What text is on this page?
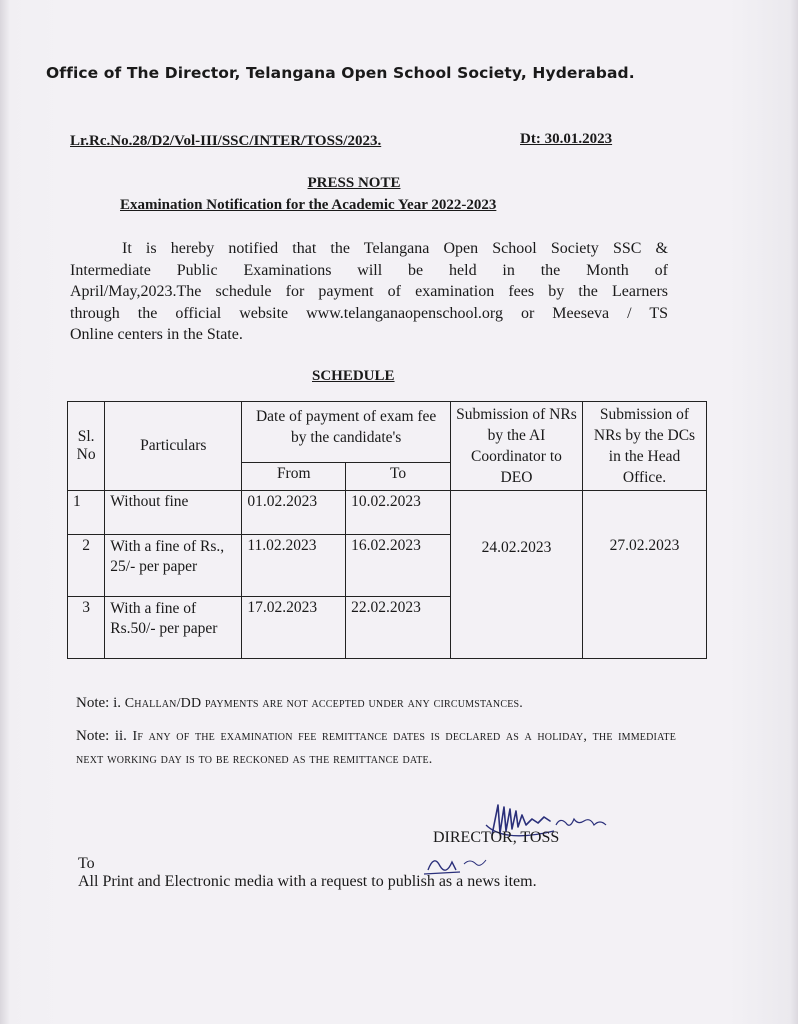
Office of The Director, Telangana Open School Society, Hyderabad.
Lr.Rc.No.28/D2/Vol-III/SSC/INTER/TOSS/2023.	Dt: 30.01.2023
PRESS NOTE
Examination Notification for the Academic Year 2022-2023
It is hereby notified that the Telangana Open School Society SSC &
Intermediate Public Examinations will be held in the Month of
April/May,2023.The schedule for payment of examination fees by the Learners
through the official website www.telanganaopenschool.org or Meeseva / TS
Online centers in the State.
SCHEDULE
Sl.
No	Particulars	Date of payment of exam fee by the candidate's		Submission of NRs by the AI Coordinator to DEO	Submission of NRs by the DCs in the Head Office.
		From	To		
1	Without fine	01.02.2023	10.02.2023	24.02.2023	27.02.2023
2	With a fine of Rs., 25/- per paper	11.02.2023	16.02.2023		
3	With a fine of Rs.50/- per paper	17.02.2023	22.02.2023		
Note: i. Challan/DD payments are not accepted under any circumstances.
Note: ii. If any of the examination fee remittance dates is declared as a holiday, the immediate next working day is to be reckoned as the remittance date.
DIRECTOR, TOSS
To
All Print and Electronic media with a request to publish as a news item.
